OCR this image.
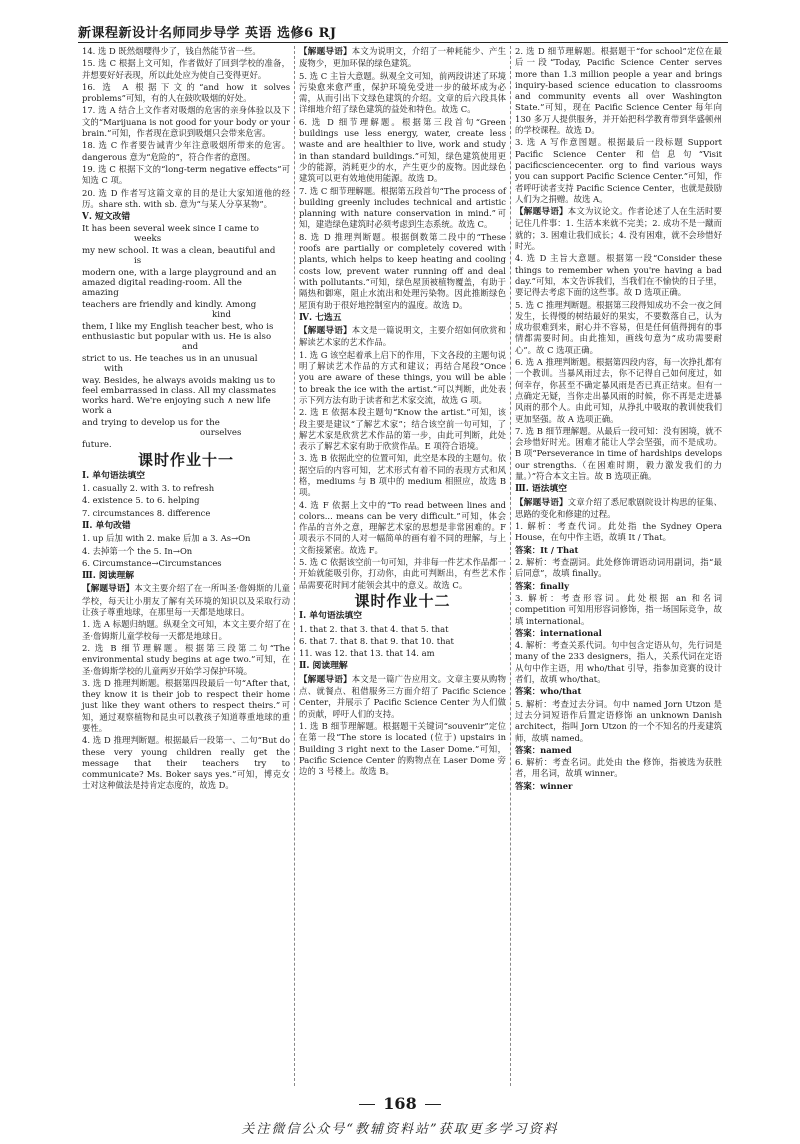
新课程新设计名师同步导学 英语 选修6 RJ

14. 选 D 既然烟嘤得少了，钱自然能节省一些。

15. 选 C 根据上文可知，作者做好了回到学校的准备，并想要好好表现，所以此处应为使自己变得更好。

16. 选 A 根据下文的“and how it solves problems”可知，有的人在鼓吹吸烟的好处。

17. 选 A 结合上文作者对吸烟的危害的亲身体验以及下文的“Marijuana is not good for your body or your brain.”可知，作者现在意识到吸烟只会带来危害。

18. 选 C 作者要告诫青少年注意吸烟所带来的危害。dangerous 意为“危险的”，符合作者的意图。

19. 选 C 根据下文的“long-term negative effects”可知选 C 项。

20. 选 D 作者写这篇文章的目的是让大家知道他的经历。share sth. with sb. 意为“与某人分享某物”。

Ⅴ. 短文改错

It has been several week since I came to

weeks

my new school. It was a clean, beautiful and

is

modern one, with a large playground and an

amazed digital reading-room. All the

amazing

teachers are friendly and kindly. Among

kind

them, I like my English teacher best, who is

enthusiastic but popular with us. He is also

and

strict to us. He teaches us in an unusual

with

way. Besides, he always avoids making us to feel embarrassed in class. All my classmates

works hard. We're enjoying such ∧ new life

work a

and trying to develop us for the

ourselves

future.

课时作业十一
Ⅰ. 单句语法填空

1. casually 2. with 3. to refresh

4. existence 5. to 6. helping

7. circumstances 8. difference

Ⅱ. 单句改错

1. up 后加 with 2. make 后加 a 3. As→On

4. 去掉第一个 the 5. In→On

6. Circumstance→Circumstances

Ⅲ. 阅读理解

【解题导语】本文主要介绍了在一所叫圣·詹姆斯的儿童学校，每天让小朋友了解有关环境的知识以及采取行动让孩子尊重地球，在那里每一天都是地球日。

1. 选 A 标题归纳题。纵观全文可知，本文主要介绍了在圣·詹姆斯儿童学校每一天都是地球日。

2. 选 B 细节理解题。根据第三段第二句“The environmental study begins at age two.”可知，在圣·詹姆斯学校的儿童两岁开始学习保护环境。

3. 选 D 推理判断题。根据第四段最后一句“After that, they know it is their job to respect their home just like they want others to respect theirs.”可知，通过观察植物和昆虫可以教孩子知道尊重地球的重要性。

4. 选 D 推理判断题。根据最后一段第一、二句“But do these very young children really get the message that their teachers try to communicate? Ms. Boker says yes.”可知，博克女士对这种做法是持肯定态度的，故选 D。

【解题导语】本文为说明文，介绍了一种耗能少、产生废物少，更加环保的绿色建筑。

5. 选 C 主旨大意题。纵观全文可知，前两段讲述了环境污染愈来愈严重，保护环境免受进一步的破坏成为必需，从而引出下文绿色建筑的介绍。文章的后六段具体详细地介绍了绿色建筑的益处和特色。故选 C。

6. 选 D 细节理解题。根据第三段首句“Green buildings use less energy, water, create less waste and are healthier to live, work and study in than standard buildings.”可知，绿色建筑使用更少的能源，消耗更少的水，产生更少的废物。因此绿色建筑可以更有效地使用能源。故选 D。

7. 选 C 细节理解题。根据第五段首句“The process of building greenly includes technical and artistic planning with nature conservation in mind.”可知，建造绿色建筑时必须考虑到生态系统。故选 C。

8. 选 D 推理判断题。根据倒数第二段中的“These roofs are partially or completely covered with plants, which helps to keep heating and cooling costs low, prevent water running off and deal with pollutants.”可知，绿色屋顶被植物覆盖，有助于隔热和御寒，阻止水流出和处理污染物。因此推断绿色屋顶有助于很好地控制室内的温度。故选 D。

Ⅳ. 七选五

【解题导语】本文是一篇说明文，主要介绍如何欣赏和解读艺术家的艺术作品。

1. 选 G 该空起着承上启下的作用，下文各段的主题句说明了解读艺术作品的方式和建议；再结合尾段“Once you are aware of these things, you will be able to break the ice with the artist.”可以判断，此处表示下列方法有助于读者和艺术家交流，故选 G 项。

2. 选 E 依据本段主题句“Know the artist.”可知，该段主要是建议“了解艺术家”；结合该空前一句可知，了解艺术家是欣赏艺术作品的第一步，由此可判断，此处表示了解艺术家有助于欣赏作品。E 项符合语境。

3. 选 B 依据此空的位置可知，此空是本段的主题句。依据空后的内容可知，艺术形式有着不同的表现方式和风格，mediums 与 B 项中的 medium 相照应，故选 B 项。

4. 选 F 依据上文中的“To read between lines and colors... means can be very difficult.”可知，体会作品的言外之意，理解艺术家的思想是非常困难的。F 项表示不同的人对一幅简单的画有着不同的理解，与上文衔接紧密。故选 F。

5. 选 C 依据该空前一句可知，并非每一件艺术作品都一开始就能吸引你，打动你，由此可判断出，有些艺术作品需要花时间才能领会其中的意义。故选 C。

课时作业十二
Ⅰ. 单句语法填空

1. that 2. that 3. that 4. that 5. that

6. that 7. that 8. that 9. that 10. that

11. was 12. that 13. that 14. am

Ⅱ. 阅读理解

【解题导语】本文是一篇广告应用文。文章主要从购物点、就餐点、租借服务三方面介绍了 Pacific Science Center，并展示了 Pacific Science Center 为人们做的贡献，呼吁人们的支持。

1. 选 B 细节理解题。根据题干关键词“souvenir”定位在第一段“The store is located (位于) upstairs in Building 3 right next to the Laser Dome.”可知，Pacific Science Center 的购物点在 Laser Dome 旁边的 3 号楼上。故选 B。

2. 选 D 细节理解题。根据题干“for school”定位在最后一段“Today, Pacific Science Center serves more than 1.3 million people a year and brings inquiry-based science education to classrooms and community events all over Washington State.”可知，现在 Pacific Science Center 每年向 130 多万人提供服务，并开始把科学教育带到华盛顿州的学校课程。故选 D。

3. 选 A 写作意图题。根据最后一段标题 Support Pacific Science Center 和信息句“Visit pacificsciencecenter. org to find various ways you can support Pacific Science Center.”可知，作者呼吁读者支持 Pacific Science Center，也就是鼓励人们为之捐赠。故选 A。

【解题导语】本文为议论文。作者论述了人在生活时要记住几件事：1. 生活本来就不完美；2. 成功不是一蹴而就的；3. 困难让我们成长；4. 没有困难，就不会珍惜好时光。

4. 选 D 主旨大意题。根据第一段“Consider these things to remember when you're having a bad day.”可知，本文告诉我们，当我们在不愉快的日子里，要记得去考虑下面的这些事。故 D 选项正确。

5. 选 C 推理判断题。根据第三段得知成功不会一夜之间发生，长得慢的树结最好的果实，不要数落自己，认为成功很难到来，耐心并不容易，但是任何值得拥有的事情都需要时间。由此推知，画线句意为“成功需要耐心”。故 C 选项正确。

6. 选 A 推理判断题。根据第四段内容，每一次挣扎都有一个教训。当暴风雨过去，你不记得自己如何度过，如何幸存，你甚至不确定暴风雨是否已真正结束。但有一点确定无疑，当你走出暴风雨的时候，你不再是走进暴风雨的那个人。由此可知，从挣扎中吸取的教训使我们更加坚强。故 A 选项正确。

7. 选 B 细节理解题。从最后一段可知：没有困境，就不会珍惜好时光。困难才能让人学会坚强，而不是成功。B 项“Perseverance in time of hardships develops our strengths.（在困难时期，毅力激发我们的力量。）”符合本文主旨。故 B 选项正确。

Ⅲ. 语法填空

【解题导语】文章介绍了悉尼歌剧院设计构思的征集、思路的变化和修建的过程。

1. 解析：考查代词。此处指 the Sydney Opera House，在句中作主语，故填 It / That。

答案：It / That

2. 解析：考查副词。此处修饰谓语动词用副词，指“最后同意”，故填 finally。

答案：finally

3. 解析：考查形容词。此处根据 an 和名词 competition 可知用形容词修饰，指一场国际竞争，故填 international。

答案：international

4. 解析：考查关系代词。句中包含定语从句，先行词是 many of the 233 designers，指人，关系代词在定语从句中作主语，用 who/that 引导，指参加竞赛的设计者们，故填 who/that。

答案：who/that

5. 解析：考查过去分词。句中 named Jorn Utzon 是过去分词短语作后置定语修饰 an unknown Danish architect，指叫 Jorn Utzon 的一个不知名的丹麦建筑师，故填 named。

答案：named

6. 解析：考查名词。此处由 the 修饰，指被选为获胜者，用名词，故填 winner。

答案：winner

168
关注微信公众号“教辅资料站”获取更多学习资料
